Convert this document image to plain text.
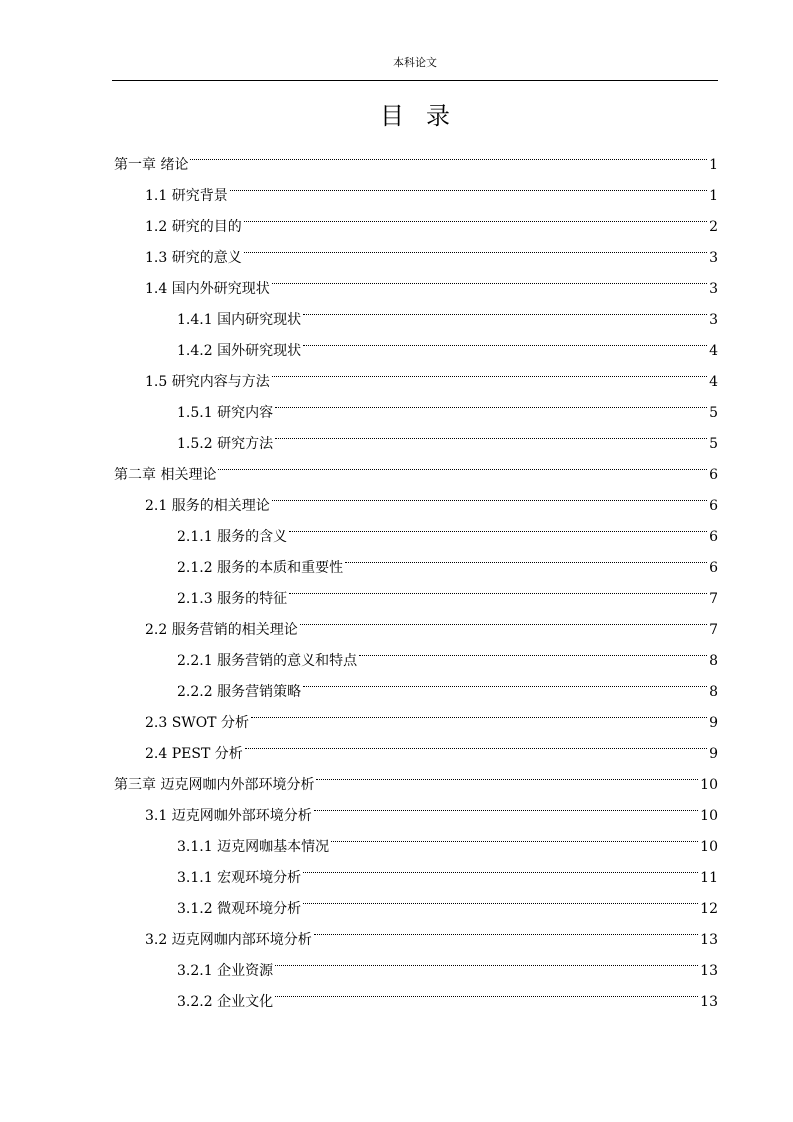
本科论文
目录
第一章 绪论	1
1.1 研究背景	1
1.2 研究的目的	2
1.3 研究的意义	3
1.4 国内外研究现状	3
1.4.1 国内研究现状	3
1.4.2 国外研究现状	4
1.5 研究内容与方法	4
1.5.1 研究内容	5
1.5.2 研究方法	5
第二章 相关理论	6
2.1 服务的相关理论	6
2.1.1 服务的含义	6
2.1.2 服务的本质和重要性	6
2.1.3 服务的特征	7
2.2 服务营销的相关理论	7
2.2.1 服务营销的意义和特点	8
2.2.2 服务营销策略	8
2.3 SWOT 分析	9
2.4 PEST 分析	9
第三章 迈克网咖内外部环境分析	10
3.1 迈克网咖外部环境分析	10
3.1.1 迈克网咖基本情况	10
3.1.1 宏观环境分析	11
3.1.2 微观环境分析	12
3.2 迈克网咖内部环境分析	13
3.2.1 企业资源	13
3.2.2 企业文化	13
